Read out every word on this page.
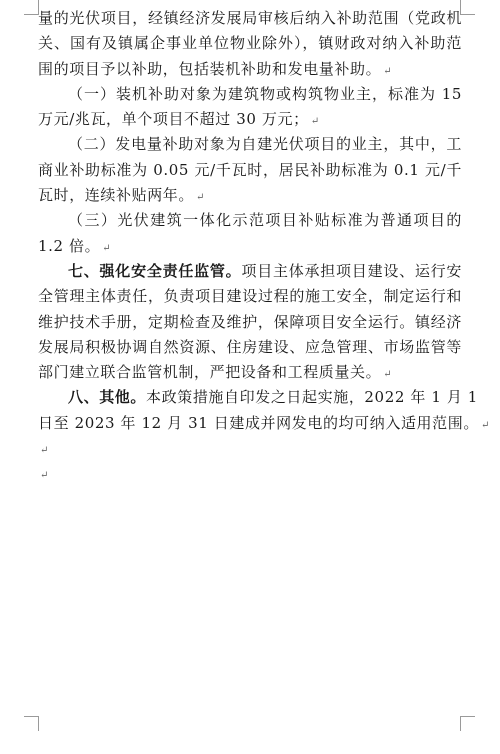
量的光伏项目，经镇经济发展局审核后纳入补助范围（党政机
关、国有及镇属企事业单位物业除外），镇财政对纳入补助范
围的项目予以补助，包括装机补助和发电量补助。 ↵
（一）装机补助对象为建筑物或构筑物业主，标准为 15
万元/兆瓦，单个项目不超过 30 万元； ↵
（二）发电量补助对象为自建光伏项目的业主，其中，工
商业补助标准为 0.05 元/千瓦时，居民补助标准为 0.1 元/千
瓦时，连续补贴两年。 ↵
（三）光伏建筑一体化示范项目补贴标准为普通项目的
1.2 倍。 ↵
七、强化安全责任监管。项目主体承担项目建设、运行安
全管理主体责任，负责项目建设过程的施工安全，制定运行和
维护技术手册，定期检查及维护，保障项目安全运行。镇经济
发展局积极协调自然资源、住房建设、应急管理、市场监管等
部门建立联合监管机制，严把设备和工程质量关。 ↵
八、其他。本政策措施自印发之日起实施，2022 年 1 月 1
日至 2023 年 12 月 31 日建成并网发电的均可纳入适用范围。 ↵
↵
↵
